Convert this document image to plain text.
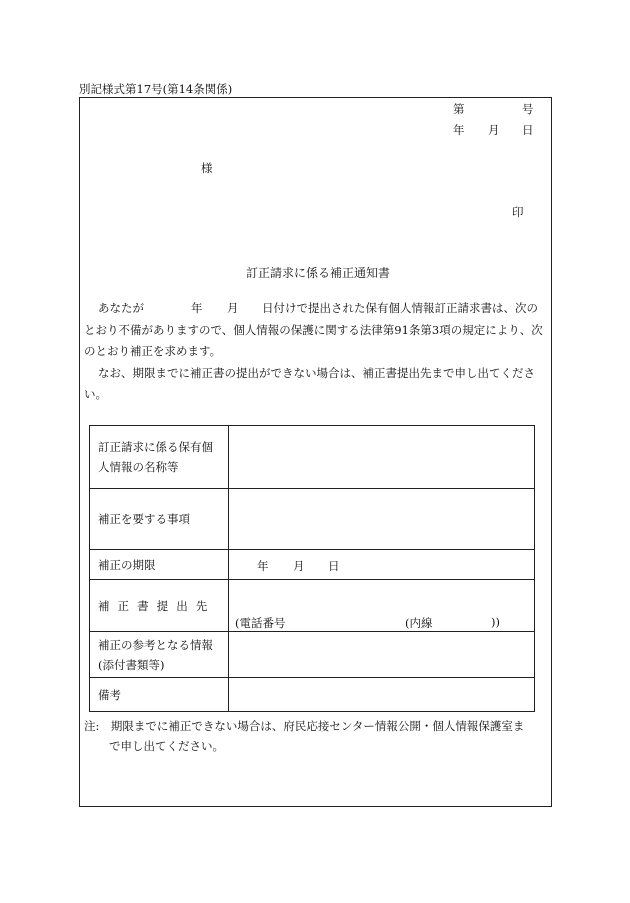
別記様式第17号(第14条関係)
第	号
年 月 日
様
印
訂正請求に係る補正通知書
あなたが	年 月 日付けで提出された保有個人情報訂正請求書は、次の
とおり不備がありますので、個人情報の保護に関する法律第91条第3項の規定により、次
のとおり補正を求めます。
なお、期限までに補正書の提出ができない場合は、補正書提出先まで申し出てくださ
い。
訂正請求に係る保有個
人情報の名称等	

補正を要する事項	
補正の期限	年 月 日

補正書提出先	(電話番号 (内線 ))

補正の参考となる情報
(添付書類等)	

備考	
注:　期限までに補正できない場合は、府民応接センター情報公開・個人情報保護室ま
で申し出てください。
